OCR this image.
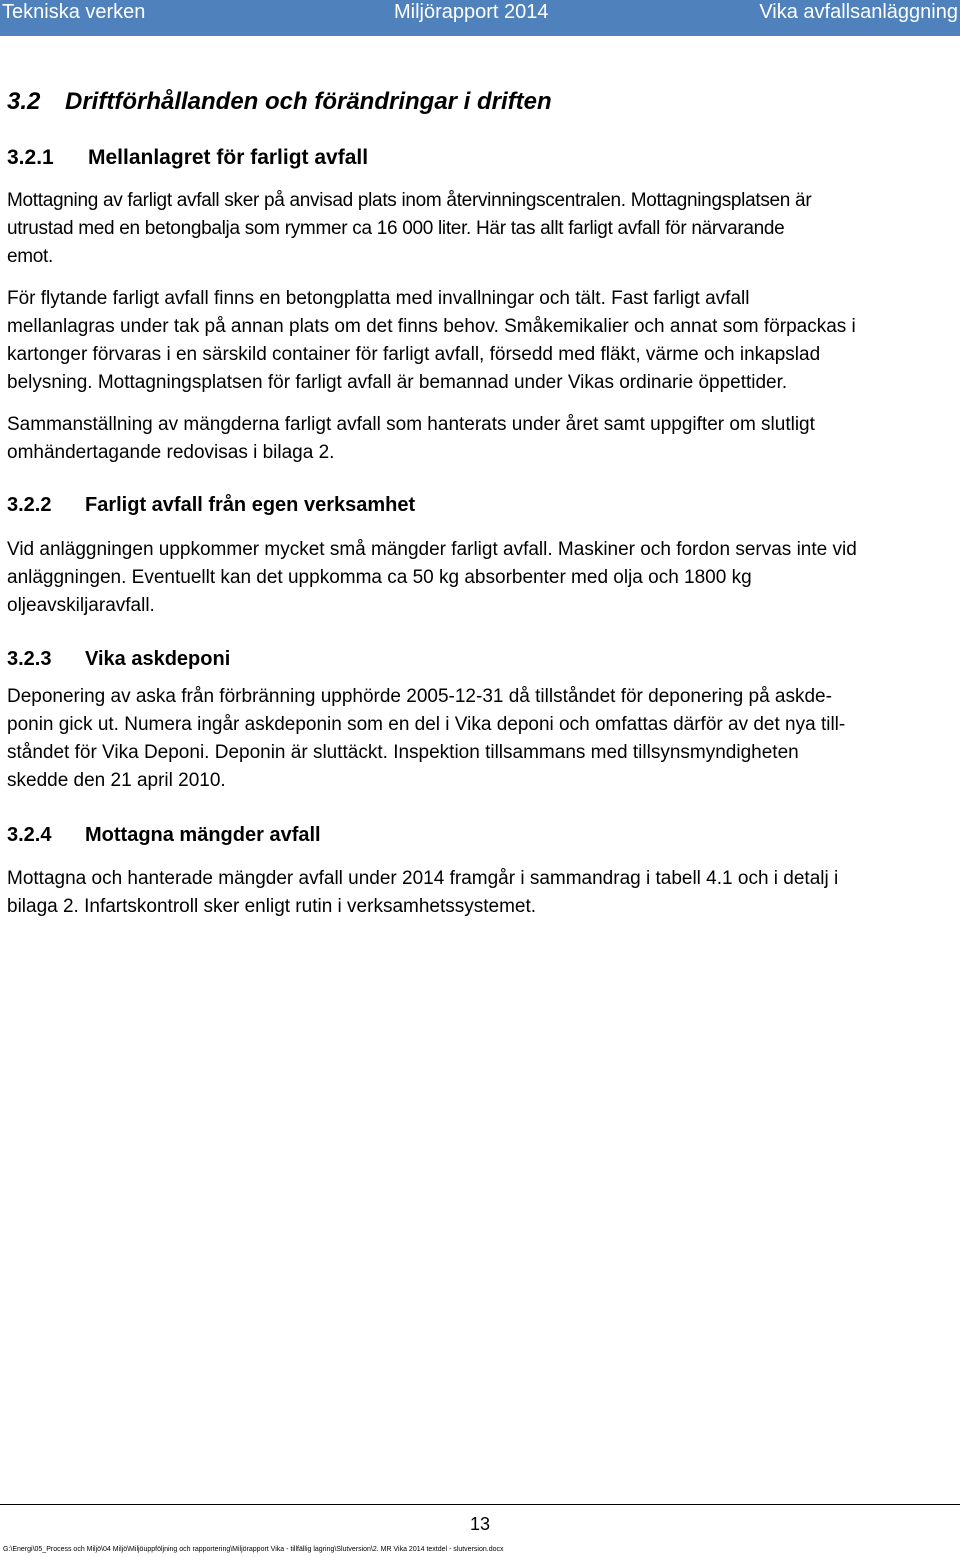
Tekniska verken	Miljörapport 2014	Vika avfallsanläggning
3.2 Driftförhållanden och förändringar i driften
3.2.1 Mellanlagret för farligt avfall
Mottagning av farligt avfall sker på anvisad plats inom återvinningscentralen. Mottagningsplatsen är
utrustad med en betongbalja som rymmer ca 16 000 liter. Här tas allt farligt avfall för närvarande
emot.
För flytande farligt avfall finns en betongplatta med invallningar och tält. Fast farligt avfall
mellanlagras under tak på annan plats om det finns behov. Småkemikalier och annat som förpackas i
kartonger förvaras i en särskild container för farligt avfall, försedd med fläkt, värme och inkapslad
belysning. Mottagningsplatsen för farligt avfall är bemannad under Vikas ordinarie öppettider.
Sammanställning av mängderna farligt avfall som hanterats under året samt uppgifter om slutligt
omhändertagande redovisas i bilaga 2.
3.2.2 Farligt avfall från egen verksamhet
Vid anläggningen uppkommer mycket små mängder farligt avfall. Maskiner och fordon servas inte vid
anläggningen. Eventuellt kan det uppkomma ca 50 kg absorbenter med olja och 1800 kg
oljeavskiljaravfall.
3.2.3 Vika askdeponi
Deponering av aska från förbränning upphörde 2005-12-31 då tillståndet för deponering på askde-
ponin gick ut. Numera ingår askdeponin som en del i Vika deponi och omfattas därför av det nya till-
ståndet för Vika Deponi. Deponin är sluttäckt. Inspektion tillsammans med tillsynsmyndigheten
skedde den 21 april 2010.
3.2.4 Mottagna mängder avfall
Mottagna och hanterade mängder avfall under 2014 framgår i sammandrag i tabell 4.1 och i detalj i
bilaga 2. Infartskontroll sker enligt rutin i verksamhetssystemet.
13
G:\Energi\05_Process och Miljö\04 Miljö\Miljöuppföljning och rapportering\Miljörapport Vika - tillfällig lagring\Slutversion\2. MR Vika 2014 textdel - slutversion.docx
